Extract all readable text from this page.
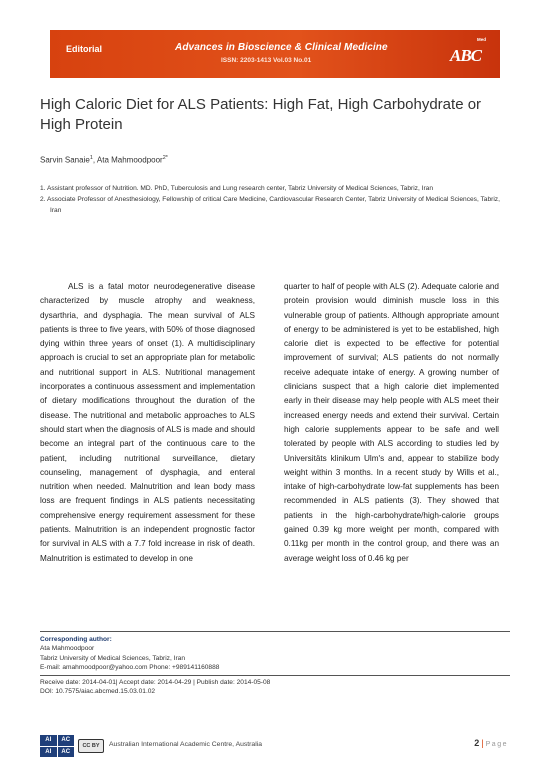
Editorial	Advances in Bioscience & Clinical Medicine
ISSN: 2203-1413 Vol.03 No.01
Med
ABC
High Caloric Diet for ALS Patients: High Fat, High Carbohydrate or High Protein
Sarvin Sanaie$^1$, Ata Mahmoodpoor$^{2*}$
1. Assistant professor of Nutrition. MD. PhD, Tuberculosis and Lung research center, Tabriz University of Medical Sciences, Tabriz, Iran
2. Associate Professor of Anesthesiology, Fellowship of critical Care Medicine, Cardiovascular Research Center, Tabriz University of Medical Sciences, Tabriz, Iran
ALS is a fatal motor neurodegenerative disease characterized by muscle atrophy and weakness, dysarthria, and dysphagia. The mean survival of ALS patients is three to five years, with 50% of those diagnosed dying within three years of onset (1). A multidisciplinary approach is crucial to set an appropriate plan for metabolic and nutritional support in ALS. Nutritional management incorporates a continuous assessment and implementation of dietary modifications throughout the duration of the disease. The nutritional and metabolic approaches to ALS should start when the diagnosis of ALS is made and should become an integral part of the continuous care to the patient, including nutritional surveillance, dietary counseling, management of dysphagia, and enteral nutrition when needed. Malnutrition and lean body mass loss are frequent findings in ALS patients necessitating comprehensive energy requirement assessment for these patients. Malnutrition is an independent prognostic factor for survival in ALS with a 7.7 fold increase in risk of death. Malnutrition is estimated to develop in one
quarter to half of people with ALS (2). Adequate calorie and protein provision would diminish muscle loss in this vulnerable group of patients. Although appropriate amount of energy to be administered is yet to be established, high calorie diet is expected to be effective for potential improvement of survival; ALS patients do not normally receive adequate intake of energy. A growing number of clinicians suspect that a high calorie diet implemented early in their disease may help people with ALS meet their increased energy needs and extend their survival. Certain high calorie supplements appear to be safe and well tolerated by people with ALS according to studies led by Universitäts klinikum Ulm's and, appear to stabilize body weight within 3 months. In a recent study by Wills et al., intake of high-carbohydrate low-fat supplements has been recommended in ALS patients (3). They showed that patients in the high-carbohydrate/high-calorie groups gained 0.39 kg more weight per month, compared with 0.11kg per month in the control group, and there was an average weight loss of 0.46 kg per
Corresponding author:
Ata Mahmoodpoor
Tabriz University of Medical Sciences, Tabriz, Iran
E-mail: amahmoodpoor@yahoo.com Phone: +989141160888
Receive date: 2014-04-01| Accept date: 2014-04-29 | Publish date: 2014-05-08
DOI: 10.7575/aiac.abcmed.15.03.01.02
AI	AC
AI	AC
CC BY	Australian International Academic Centre, Australia	2 | Page
